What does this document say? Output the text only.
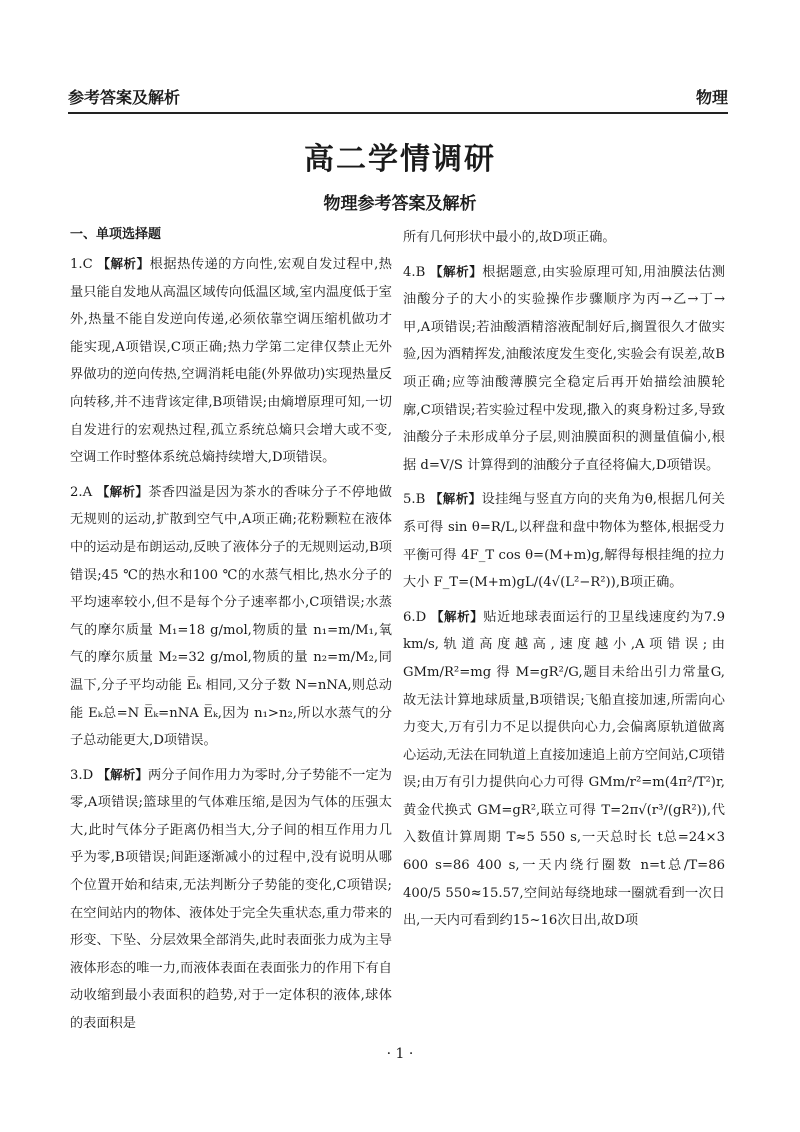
参考答案及解析	物理
高二学情调研
物理参考答案及解析
一、单项选择题

1.C 【解析】根据热传递的方向性,宏观自发过程中,热量只能自发地从高温区域传向低温区域,室内温度低于室外,热量不能自发逆向传递,必须依靠空调压缩机做功才能实现,A项错误,C项正确;热力学第二定律仅禁止无外界做功的逆向传热,空调消耗电能(外界做功)实现热量反向转移,并不违背该定律,B项错误;由熵增原理可知,一切自发进行的宏观热过程,孤立系统总熵只会增大或不变,空调工作时整体系统总熵持续增大,D项错误。

2.A 【解析】茶香四溢是因为茶水的香味分子不停地做无规则的运动,扩散到空气中,A项正确;花粉颗粒在液体中的运动是布朗运动,反映了液体分子的无规则运动,B项错误;45 ℃的热水和100 ℃的水蒸气相比,热水分子的平均速率较小,但不是每个分子速率都小,C项错误;水蒸气的摩尔质量 M₁=18 g/mol,物质的量 n₁=m/M₁,氧气的摩尔质量 M₂=32 g/mol,物质的量 n₂=m/M₂,同温下,分子平均动能 E̅ₖ 相同,又分子数 N=nNA,则总动能 Eₖ总=N E̅ₖ=nNA E̅ₖ,因为 n₁>n₂,所以水蒸气的分子总动能更大,D项错误。

3.D 【解析】两分子间作用力为零时,分子势能不一定为零,A项错误;篮球里的气体难压缩,是因为气体的压强太大,此时气体分子距离仍相当大,分子间的相互作用力几乎为零,B项错误;间距逐渐减小的过程中,没有说明从哪个位置开始和结束,无法判断分子势能的变化,C项错误;在空间站内的物体、液体处于完全失重状态,重力带来的形变、下坠、分层效果全部消失,此时表面张力成为主导液体形态的唯一力,而液体表面在表面张力的作用下有自动收缩到最小表面积的趋势,对于一定体积的液体,球体的表面积是

所有几何形状中最小的,故D项正确。

4.B 【解析】根据题意,由实验原理可知,用油膜法估测油酸分子的大小的实验操作步骤顺序为丙→乙→丁→甲,A项错误;若油酸酒精溶液配制好后,搁置很久才做实验,因为酒精挥发,油酸浓度发生变化,实验会有误差,故B项正确;应等油酸薄膜完全稳定后再开始描绘油膜轮廓,C项错误;若实验过程中发现,撒入的爽身粉过多,导致油酸分子未形成单分子层,则油膜面积的测量值偏小,根据 d=V/S 计算得到的油酸分子直径将偏大,D项错误。

5.B 【解析】设挂绳与竖直方向的夹角为θ,根据几何关系可得 sin θ=R/L,以秤盘和盘中物体为整体,根据受力平衡可得 4F_T cos θ=(M+m)g,解得每根挂绳的拉力大小 F_T=(M+m)gL/(4√(L²−R²)),B项正确。

6.D 【解析】贴近地球表面运行的卫星线速度约为7.9 km/s,轨道高度越高,速度越小,A项错误;由 GMm/R²=mg 得 M=gR²/G,题目未给出引力常量G,故无法计算地球质量,B项错误;飞船直接加速,所需向心力变大,万有引力不足以提供向心力,会偏离原轨道做离心运动,无法在同轨道上直接加速追上前方空间站,C项错误;由万有引力提供向心力可得 GMm/r²=m(4π²/T²)r,黄金代换式 GM=gR²,联立可得 T=2π√(r³/(gR²)),代入数值计算周期 T≈5 550 s,一天总时长 t总=24×3 600 s=86 400 s,一天内绕行圈数 n=t总/T=86 400/5 550≈15.57,空间站每绕地球一圈就看到一次日出,一天内可看到约15~16次日出,故D项

· 1 ·
